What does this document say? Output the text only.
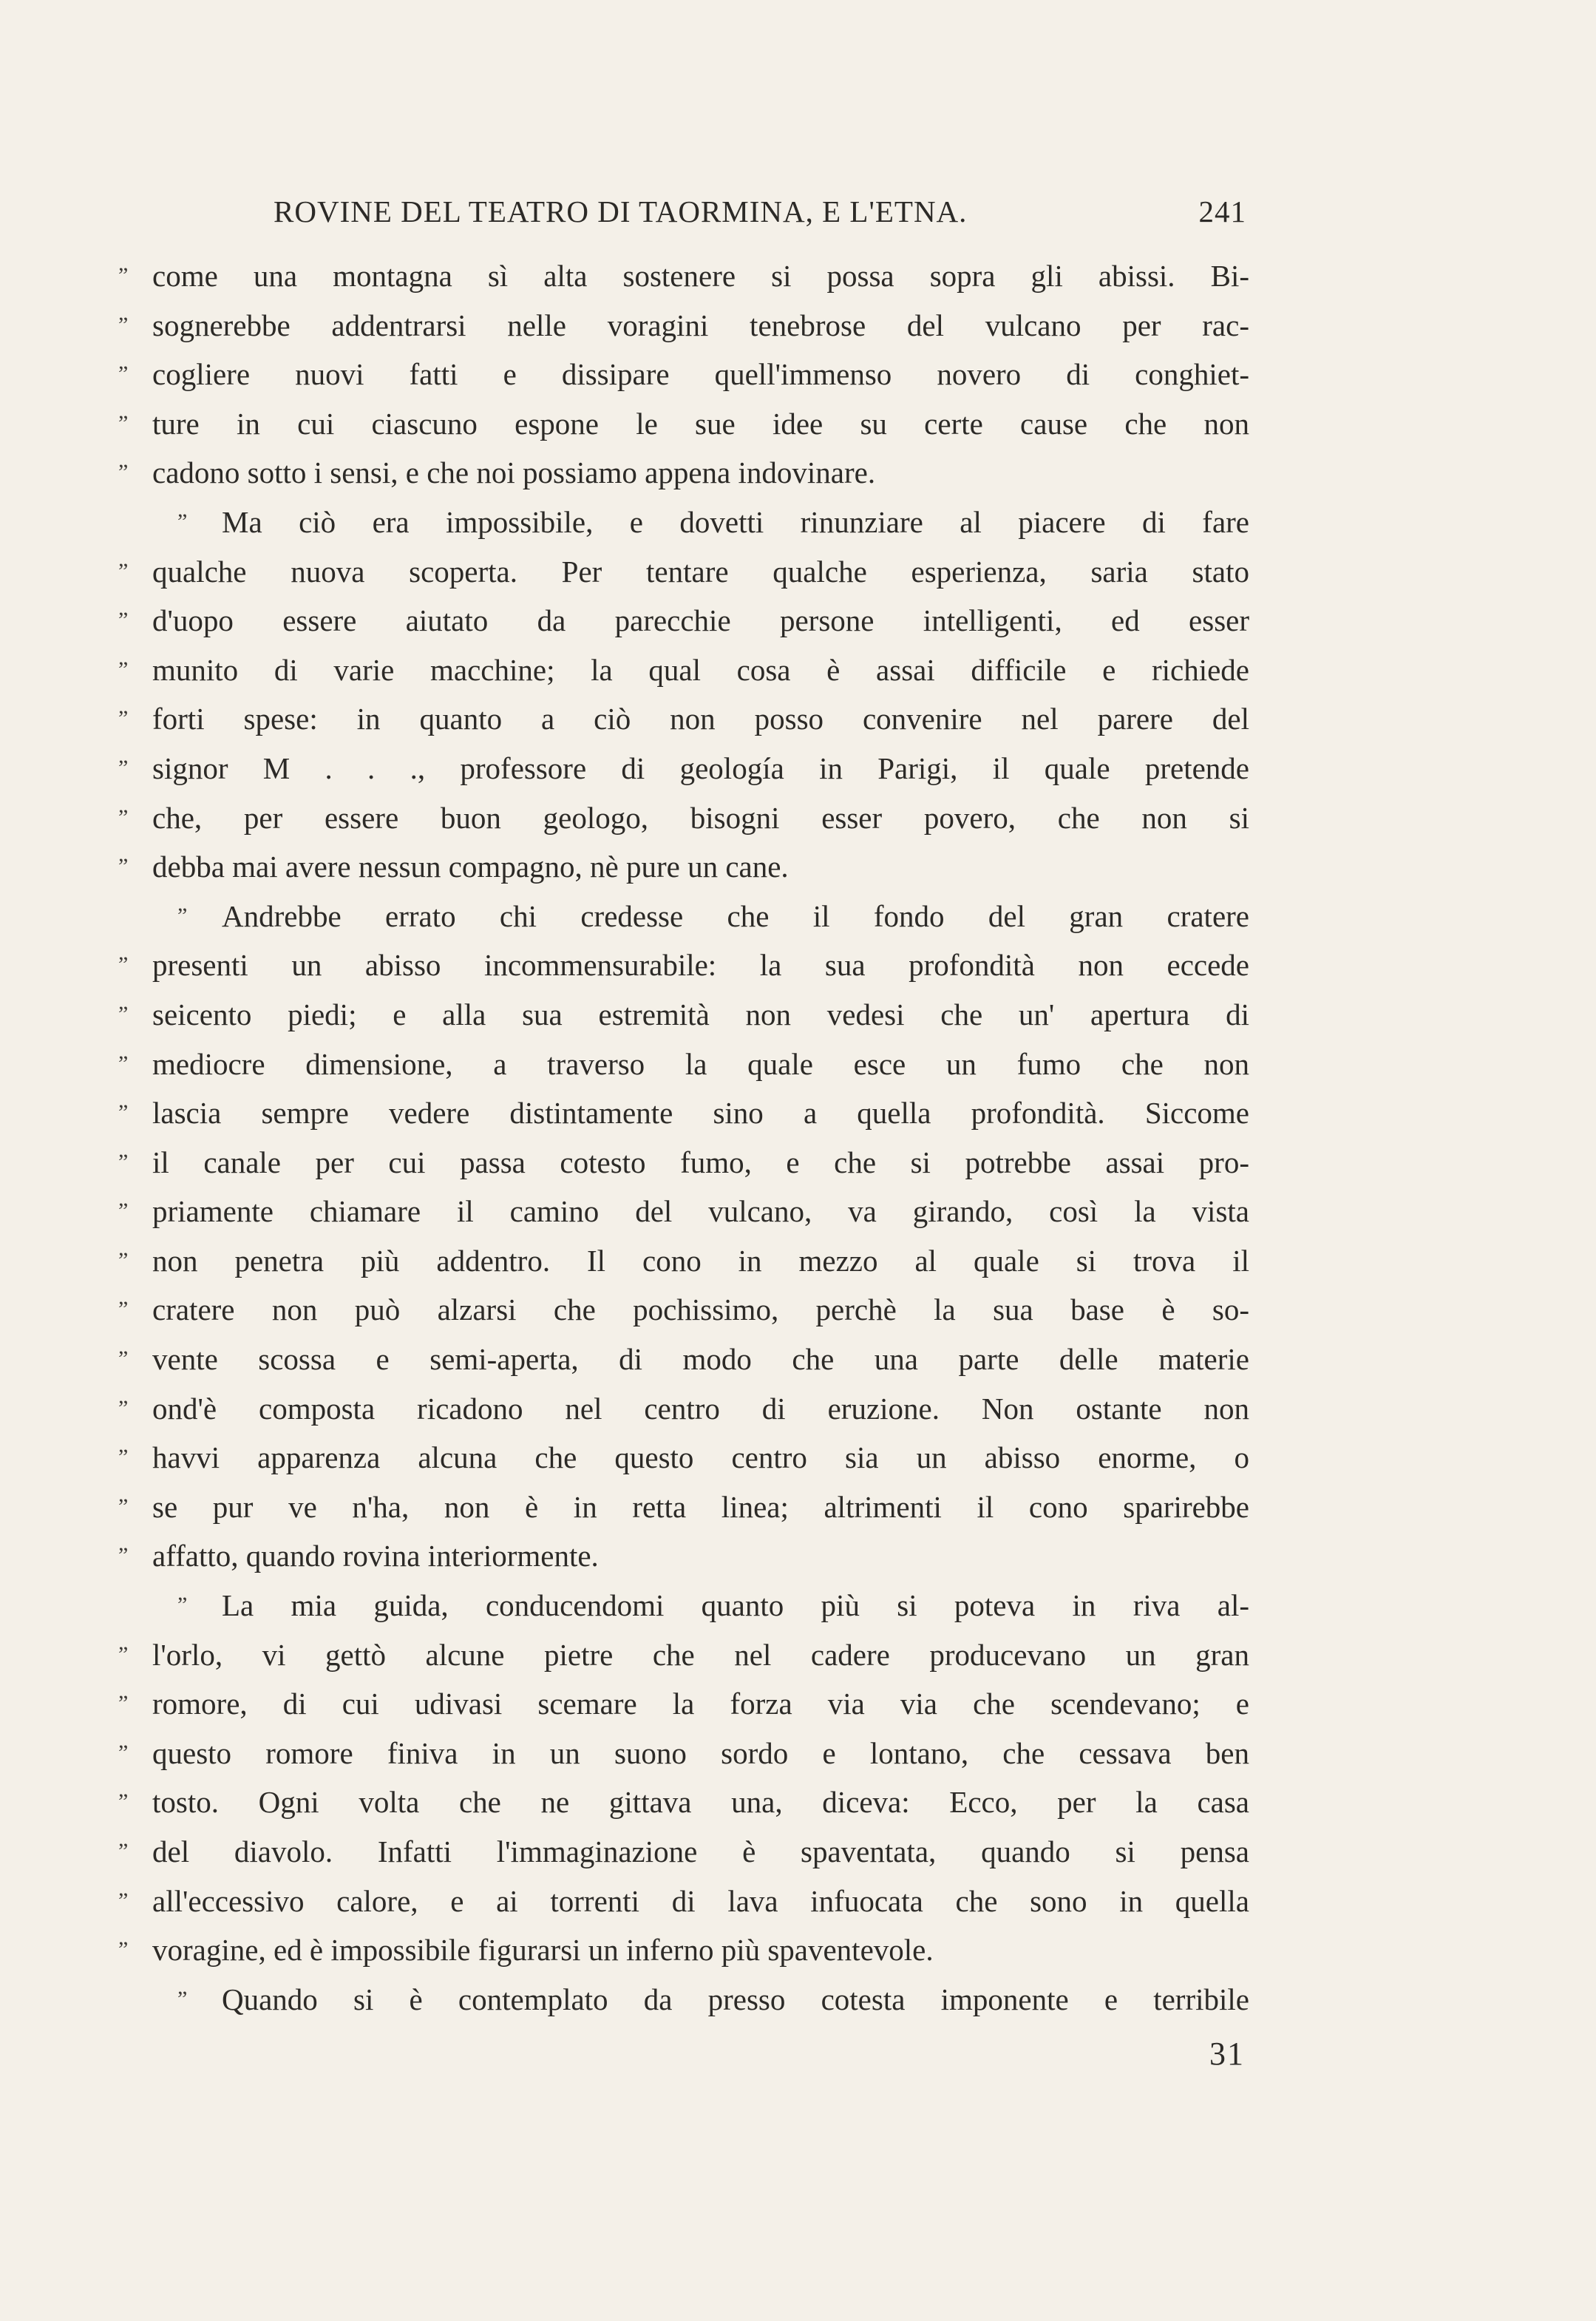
ROVINE DEL TEATRO DI TAORMINA, E L'ETNA.	241
” come una montagna sì alta sostenere si possa sopra gli abissi. Bi-
” sognerebbe addentrarsi nelle voragini tenebrose del vulcano per rac-
” cogliere nuovi fatti e dissipare quell'immenso novero di conghiet-
” ture in cui ciascuno espone le sue idee su certe cause che non
” cadono sotto i sensi, e che noi possiamo appena indovinare.
”	Ma ciò era impossibile, e dovetti rinunziare al piacere di fare
” qualche nuova scoperta. Per tentare qualche esperienza, saria stato
” d'uopo essere aiutato da parecchie persone intelligenti, ed esser
” munito di varie macchine; la qual cosa è assai difficile e richiede
” forti spese: in quanto a ciò non posso convenire nel parere del
” signor M . . ., professore di geología in Parigi, il quale pretende
” che, per essere buon geologo, bisogni esser povero, che non si
” debba mai avere nessun compagno, nè pure un cane.
”	Andrebbe errato chi credesse che il fondo del gran cratere
” presenti un abisso incommensurabile: la sua profondità non eccede
” seicento piedi; e alla sua estremità non vedesi che un' apertura di
” mediocre dimensione, a traverso la quale esce un fumo che non
” lascia sempre vedere distintamente sino a quella profondità. Siccome
” il canale per cui passa cotesto fumo, e che si potrebbe assai pro-
” priamente chiamare il camino del vulcano, va girando, così la vista
” non penetra più addentro. Il cono in mezzo al quale si trova il
” cratere non può alzarsi che pochissimo, perchè la sua base è so-
” vente scossa e semi-aperta, di modo che una parte delle materie
” ond'è composta ricadono nel centro di eruzione. Non ostante non
” havvi apparenza alcuna che questo centro sia un abisso enorme, o
” se pur ve n'ha, non è in retta linea; altrimenti il cono sparirebbe
” affatto, quando rovina interiormente.
”	La mia guida, conducendomi quanto più si poteva in riva al-
” l'orlo, vi gettò alcune pietre che nel cadere producevano un gran
” romore, di cui udivasi scemare la forza via via che scendevano; e
” questo romore finiva in un suono sordo e lontano, che cessava ben
” tosto. Ogni volta che ne gittava una, diceva: Ecco, per la casa
” del diavolo. Infatti l'immaginazione è spaventata, quando si pensa
” all'eccessivo calore, e ai torrenti di lava infuocata che sono in quella
” voragine, ed è impossibile figurarsi un inferno più spaventevole.
”	Quando si è contemplato da presso cotesta imponente e terribile
31
